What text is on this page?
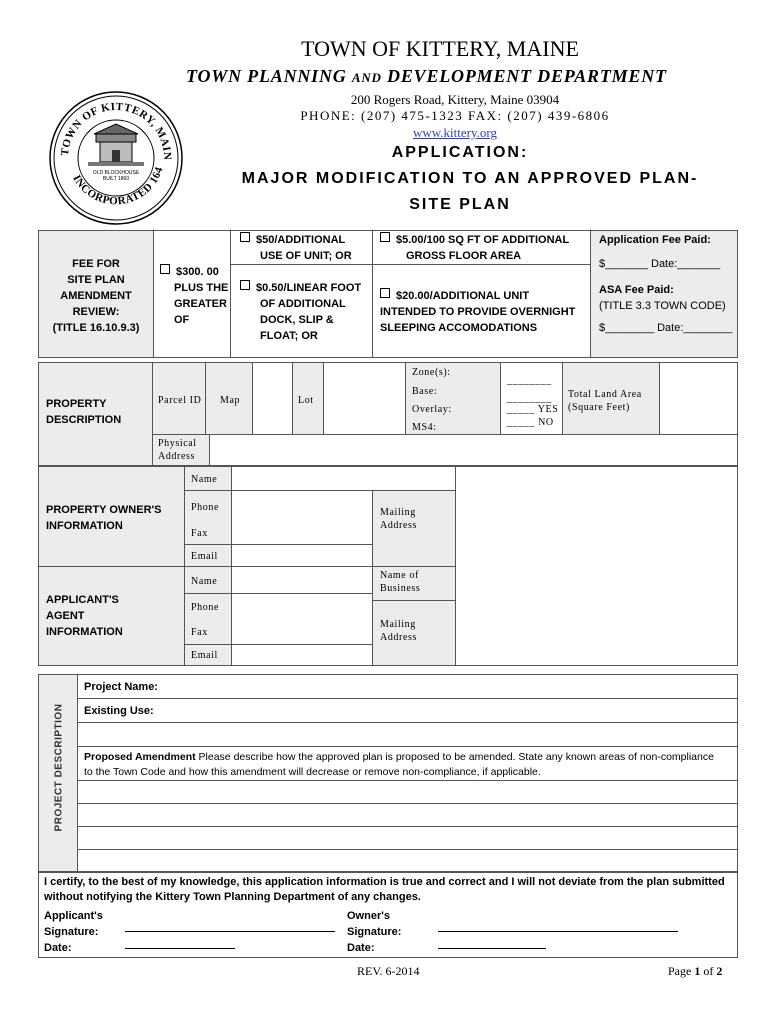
TOWN OF KITTERY, MAINE
TOWN PLANNING AND DEVELOPMENT DEPARTMENT
200 Rogers Road, Kittery, Maine 03904
PHONE: (207) 475-1323 FAX: (207) 439-6806
www.kittery.org
APPLICATION:
MAJOR MODIFICATION TO AN APPROVED PLAN-
SITE PLAN
TOWN OF KITTERY, MAIN
INCORPORATED 164
OLD BLOCKHOUSE
BUILT 1860
FEE FOR
SITE PLAN
AMENDMENT
REVIEW:
(TITLE 16.10.9.3)
$300. 00
PLUS THE
GREATER
OF
$50/ADDITIONAL
USE OF UNIT; OR
$0.50/LINEAR FOOT
OF ADDITIONAL
DOCK, SLIP &
FLOAT; OR
$5.00/100 SQ FT OF ADDITIONAL
GROSS FLOOR AREA
$20.00/ADDITIONAL UNIT
INTENDED TO PROVIDE OVERNIGHT
SLEEPING ACCOMODATIONS
Application Fee Paid:
$_______ Date:_______
ASA Fee Paid:
(TITLE 3.3 TOWN CODE)
$________ Date:________
PROPERTY
DESCRIPTION
Parcel ID Map	Lot
Zone(s):
Base:
Overlay:
MS4:
________
________
_____ YES
_____ NO
Total Land Area
(Square Feet)
Physical
Address
PROPERTY OWNER'S
INFORMATION
Name
Phone
Fax
Email
Mailing
Address
APPLICANT'S
AGENT
INFORMATION
Name
Phone
Fax
Email
Name of
Business
Mailing
Address
PROJECT DESCRIPTION
Project Name:
Existing Use:
Proposed Amendment Please describe how the approved plan is proposed to be amended. State any known areas of non-compliance to the Town Code and how this amendment will decrease or remove non-compliance, if applicable.
I certify, to the best of my knowledge, this application information is true and correct and I will not deviate from the plan submitted without notifying the Kittery Town Planning Department of any changes.
Applicant's
Signature:
Date:
Owner's
Signature:
Date:
REV. 6-2014	Page 1 of 2
